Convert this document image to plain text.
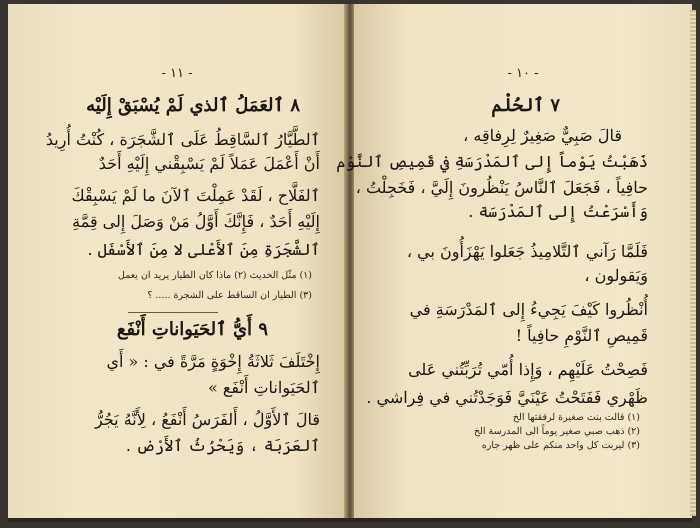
- ١١ -
٨ ٱلعَمَلُ ٱلذي لَمْ يُسْبَقْ إِلَيْه
ٱلطَّيَّارُ ٱلسَّاقِطُ عَلَى ٱلشَّجَرَة ، كُنْتُ أُرِيدُ
أَنْ أَعْمَلَ عَمَلاً لَمْ يَسْبِقْني إِلَيْهِ أَحَدٌ
ٱلفَلَّاح ، لَقَدْ عَمِلْتَ ٱلآنَ ما لَمْ يَسْبِقْكَ
إِلَيْهِ أَحَدٌ ، فَإِنَّكَ أَوَّلُ مَنْ وَصَلَ إِلى قِمَّةِ
ٱلشَّجَرَةِ مِنَ ٱلأَعْلى لا مِنَ ٱلأَسْفَل .
(١) مثّل الحديث (٢) ماذا كان الطيار يريد ان يعمل
(٣) الطيار ان الساقط على الشجرة ..... ؟
٩ أَيُّ ٱلحَيَواناتِ أَنْفَع
إِخْتَلَفَ ثَلاثَةُ إِخْوَةٍ مَرَّةً في : « أَي
ٱلحَيَواناتِ أَنْفَع »
قالَ ٱلأَوَّلُ ، أَلفَرَسُ أَنْفَعُ ، لِأَنَّهُ يَجُرُّ
ٱلعَرَبَة ، وَيَحْرُثُ ٱلأَرْض .
- ١٠ -
٧ ٱلحُلْم
قالَ صَبِيٌّ صَغِيرٌ لِرِفاقِه ،
ذَهَبْتُ يَوْماً إِلى ٱلمَدْرَسَةِ في قَمِيصِ ٱلنَّوْم
حافِياً ، فَجَعَلَ ٱلنَّاسُ يَنْظُرونَ إِلَيَّ ، فَخَجِلْتُ ،
وَأَسْرَعْتُ إِلى ٱلمَدْرَسَة .
فَلَمَّا رَآني ٱلتَّلامِيذُ جَعَلوا يَهْزَأُونَ بي ،
وَيَقولون ،
أُنْظُروا كَيْفَ يَجِيءُ إِلى ٱلمَدْرَسَةِ في
قَمِيصِ ٱلنَّوْمِ حافِياً !
فَصِحْتُ عَلَيْهِم ، وَإِذا أُمّي تُرَبِّتُني عَلى
ظَهْري فَفَتَحْتُ عَيْنَيَّ فَوَجَدْتُني في فِراشي .
(١) قالت بنت صغيرة لرفقتها الخ
(٢) ذهب صبي صغير يوماً الى المدرسة الخ
(٣) ليربت كل واحد منكم على ظهر جاره
